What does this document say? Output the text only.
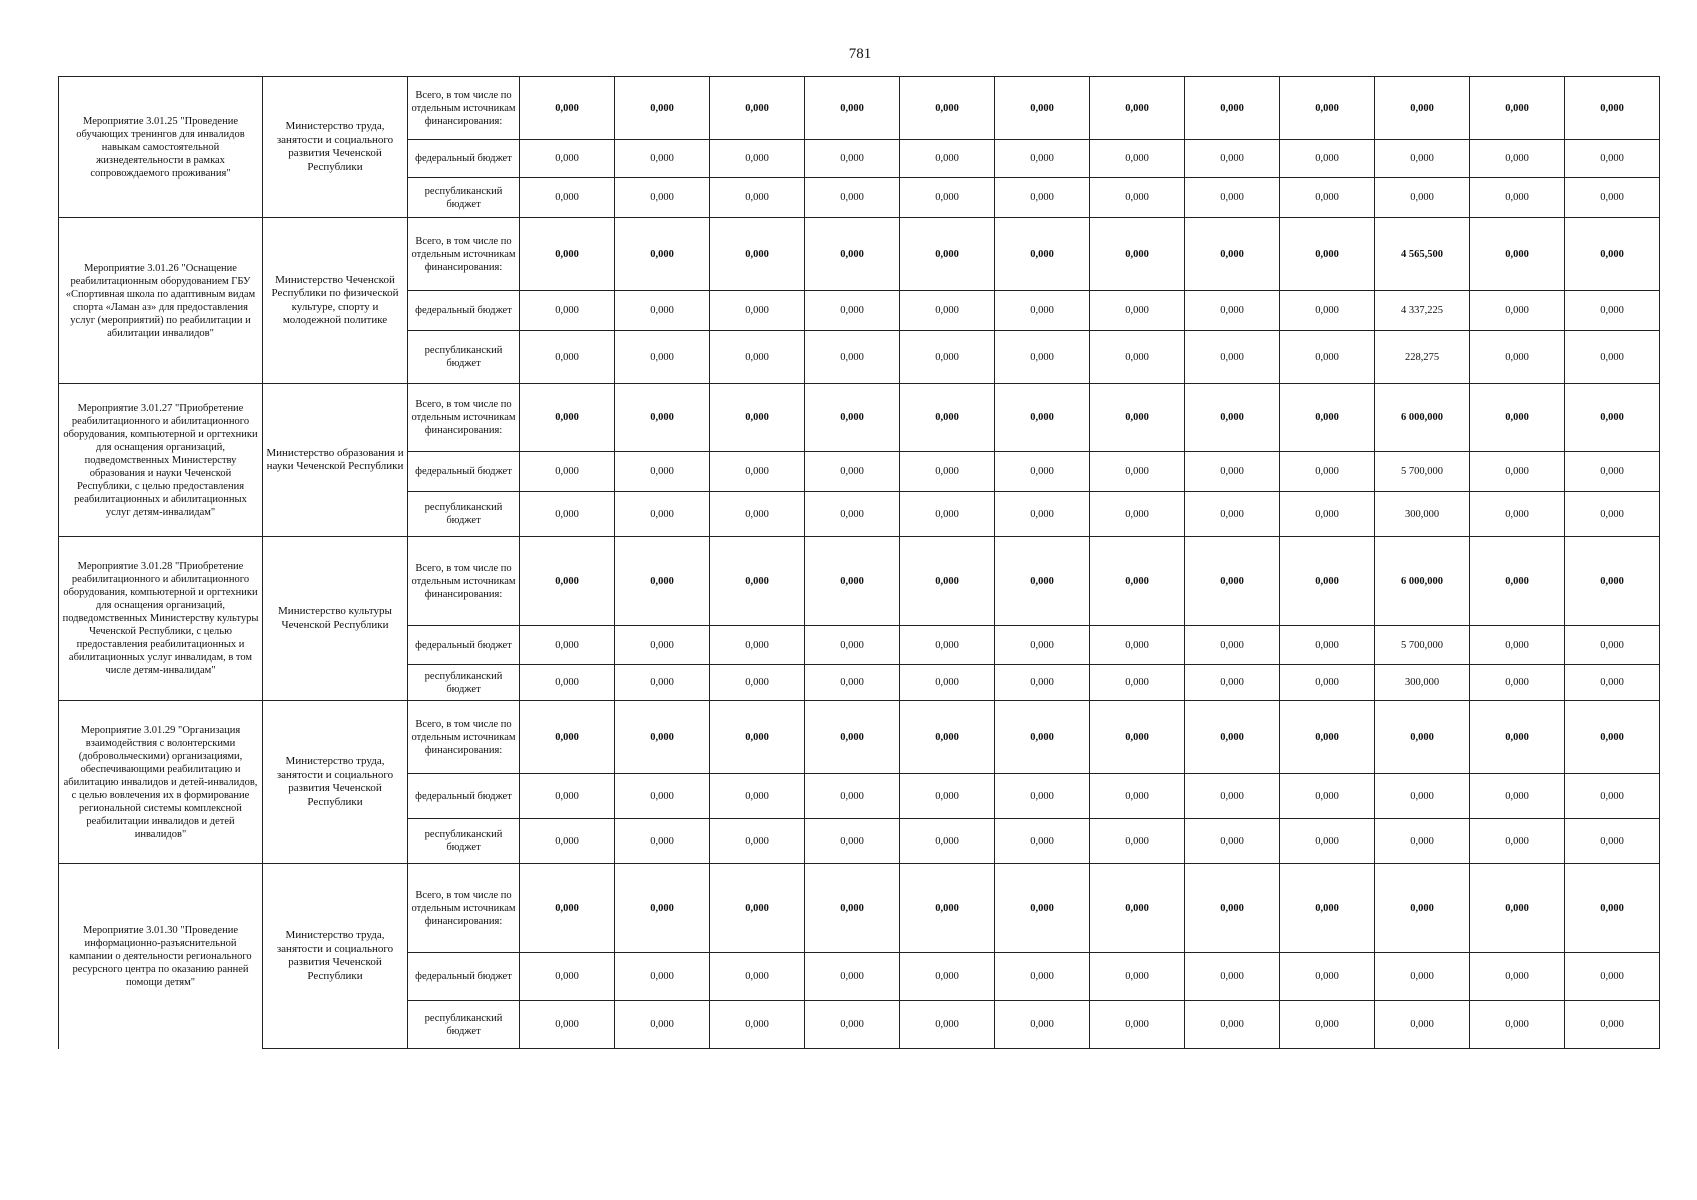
781
Мероприятие 3.01.25 "Проведение обучающих тренингов для инвалидов навыкам самостоятельной жизнедеятельности в рамках сопровождаемого проживания"	Министерство труда, занятости и социального развития Чеченской Республики	Всего, в том числе по отдельным источникам финансирования:	0,000	0,000	0,000	0,000	0,000	0,000	0,000	0,000	0,000	0,000	0,000	0,000
		федеральный бюджет	0,000	0,000	0,000	0,000	0,000	0,000	0,000	0,000	0,000	0,000	0,000	0,000
		республиканский бюджет	0,000	0,000	0,000	0,000	0,000	0,000	0,000	0,000	0,000	0,000	0,000	0,000
Мероприятие 3.01.26 "Оснащение реабилитационным оборудованием ГБУ «Спортивная школа по адаптивным видам спорта «Ламан аз» для предоставления услуг (мероприятий) по реабилитации и абилитации инвалидов"	Министерство Чеченской Республики по физической культуре, спорту и молодежной политике	Всего, в том числе по отдельным источникам финансирования:	0,000	0,000	0,000	0,000	0,000	0,000	0,000	0,000	0,000	4 565,500	0,000	0,000
		федеральный бюджет	0,000	0,000	0,000	0,000	0,000	0,000	0,000	0,000	0,000	4 337,225	0,000	0,000
		республиканский бюджет	0,000	0,000	0,000	0,000	0,000	0,000	0,000	0,000	0,000	228,275	0,000	0,000
Мероприятие 3.01.27 "Приобретение реабилитационного и абилитационного оборудования, компьютерной и оргтехники для оснащения организаций, подведомственных Министерству образования и науки Чеченской Республики, с целью предоставления реабилитационных и абилитационных услуг детям-инвалидам"	Министерство образования и науки Чеченской Республики	Всего, в том числе по отдельным источникам финансирования:	0,000	0,000	0,000	0,000	0,000	0,000	0,000	0,000	0,000	6 000,000	0,000	0,000
		федеральный бюджет	0,000	0,000	0,000	0,000	0,000	0,000	0,000	0,000	0,000	5 700,000	0,000	0,000
		республиканский бюджет	0,000	0,000	0,000	0,000	0,000	0,000	0,000	0,000	0,000	300,000	0,000	0,000
Мероприятие 3.01.28 "Приобретение реабилитационного и абилитационного оборудования, компьютерной и оргтехники для оснащения организаций, подведомственных Министерству культуры Чеченской Республики, с целью предоставления реабилитационных и абилитационных услуг инвалидам, в том числе детям-инвалидам"	Министерство культуры Чеченской Республики	Всего, в том числе по отдельным источникам финансирования:	0,000	0,000	0,000	0,000	0,000	0,000	0,000	0,000	0,000	6 000,000	0,000	0,000
		федеральный бюджет	0,000	0,000	0,000	0,000	0,000	0,000	0,000	0,000	0,000	5 700,000	0,000	0,000
		республиканский бюджет	0,000	0,000	0,000	0,000	0,000	0,000	0,000	0,000	0,000	300,000	0,000	0,000
Мероприятие 3.01.29 "Организация взаимодействия с волонтерскими (добровольческими) организациями, обеспечивающими реабилитацию и абилитацию инвалидов и детей-инвалидов, с целью вовлечения их в формирование региональной системы комплексной реабилитации инвалидов и детей инвалидов"	Министерство труда, занятости и социального развития Чеченской Республики	Всего, в том числе по отдельным источникам финансирования:	0,000	0,000	0,000	0,000	0,000	0,000	0,000	0,000	0,000	0,000	0,000	0,000
		федеральный бюджет	0,000	0,000	0,000	0,000	0,000	0,000	0,000	0,000	0,000	0,000	0,000	0,000
		республиканский бюджет	0,000	0,000	0,000	0,000	0,000	0,000	0,000	0,000	0,000	0,000	0,000	0,000
Мероприятие 3.01.30 "Проведение информационно-разъяснительной кампании о деятельности регионального ресурсного центра по оказанию ранней помощи детям"	Министерство труда, занятости и социального развития Чеченской Республики	Всего, в том числе по отдельным источникам финансирования:	0,000	0,000	0,000	0,000	0,000	0,000	0,000	0,000	0,000	0,000	0,000	0,000
		федеральный бюджет	0,000	0,000	0,000	0,000	0,000	0,000	0,000	0,000	0,000	0,000	0,000	0,000
		республиканский бюджет	0,000	0,000	0,000	0,000	0,000	0,000	0,000	0,000	0,000	0,000	0,000	0,000
